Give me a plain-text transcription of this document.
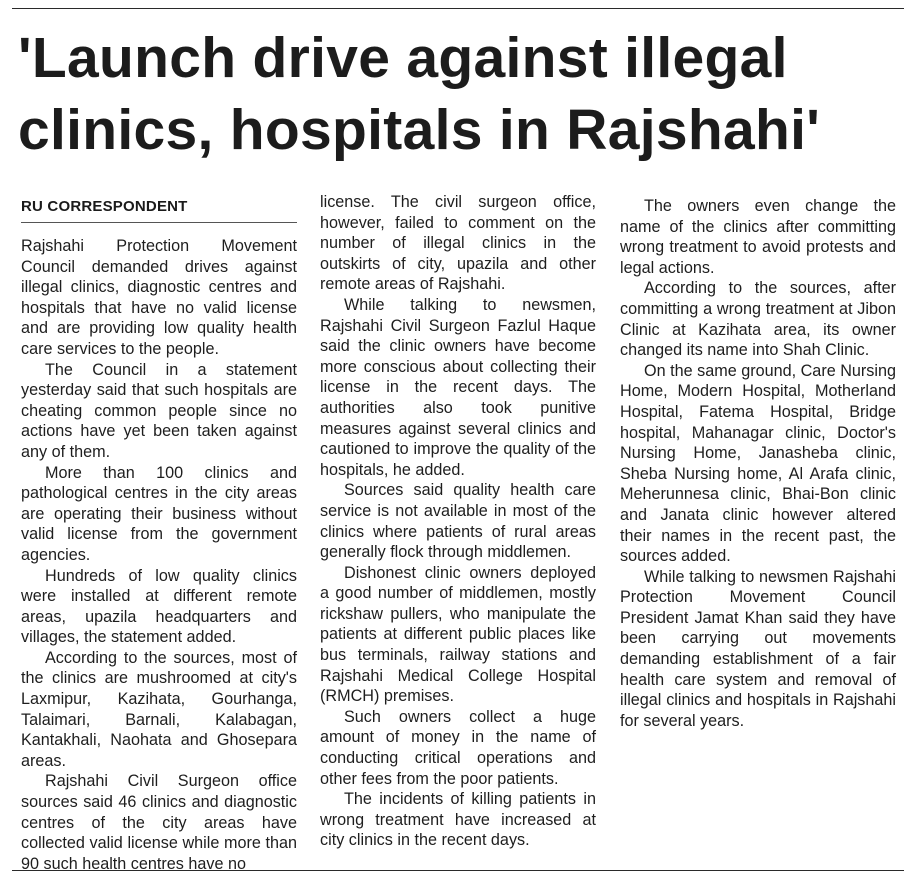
'Launch drive against illegal
clinics, hospitals in Rajshahi'
RU CORRESPONDENT

Rajshahi Protection Movement Council demanded drives against illegal clinics, diagnostic centres and hospitals that have no valid license and are providing low quality health care services to the people.

The Council in a statement yesterday said that such hospitals are cheating common people since no actions have yet been taken against any of them.

More than 100 clinics and pathological centres in the city areas are operating their business without valid license from the government agencies.

Hundreds of low quality clinics were installed at different remote areas, upazila headquarters and villages, the statement added.

According to the sources, most of the clinics are mushroomed at city's Laxmipur, Kazihata, Gourhanga, Talaimari, Barnali, Kalabagan, Kantakhali, Naohata and Ghosepara areas.

Rajshahi Civil Surgeon office sources said 46 clinics and diagnostic centres of the city areas have collected valid license while more than 90 such health centres have no

license. The civil surgeon office, however, failed to comment on the number of illegal clinics in the outskirts of city, upazila and other remote areas of Rajshahi.

While talking to newsmen, Rajshahi Civil Surgeon Fazlul Haque said the clinic owners have become more conscious about collecting their license in the recent days. The authorities also took punitive measures against several clinics and cautioned to improve the quality of the hospitals, he added.

Sources said quality health care service is not available in most of the clinics where patients of rural areas generally flock through middlemen.

Dishonest clinic owners deployed a good number of middlemen, mostly rickshaw pullers, who manipulate the patients at different public places like bus terminals, railway stations and Rajshahi Medical College Hospital (RMCH) premises.

Such owners collect a huge amount of money in the name of conducting critical operations and other fees from the poor patients.

The incidents of killing patients in wrong treatment have increased at city clinics in the recent days.

The owners even change the name of the clinics after committing wrong treatment to avoid protests and legal actions.

According to the sources, after committing a wrong treatment at Jibon Clinic at Kazihata area, its owner changed its name into Shah Clinic.

On the same ground, Care Nursing Home, Modern Hospital, Motherland Hospital, Fatema Hospital, Bridge hospital, Mahanagar clinic, Doctor's Nursing Home, Janasheba clinic, Sheba Nursing home, Al Arafa clinic, Meherunnesa clinic, Bhai-Bon clinic and Janata clinic however altered their names in the recent past, the sources added.

While talking to newsmen Rajshahi Protection Movement Council President Jamat Khan said they have been carrying out movements demanding establishment of a fair health care system and removal of illegal clinics and hospitals in Rajshahi for several years.
